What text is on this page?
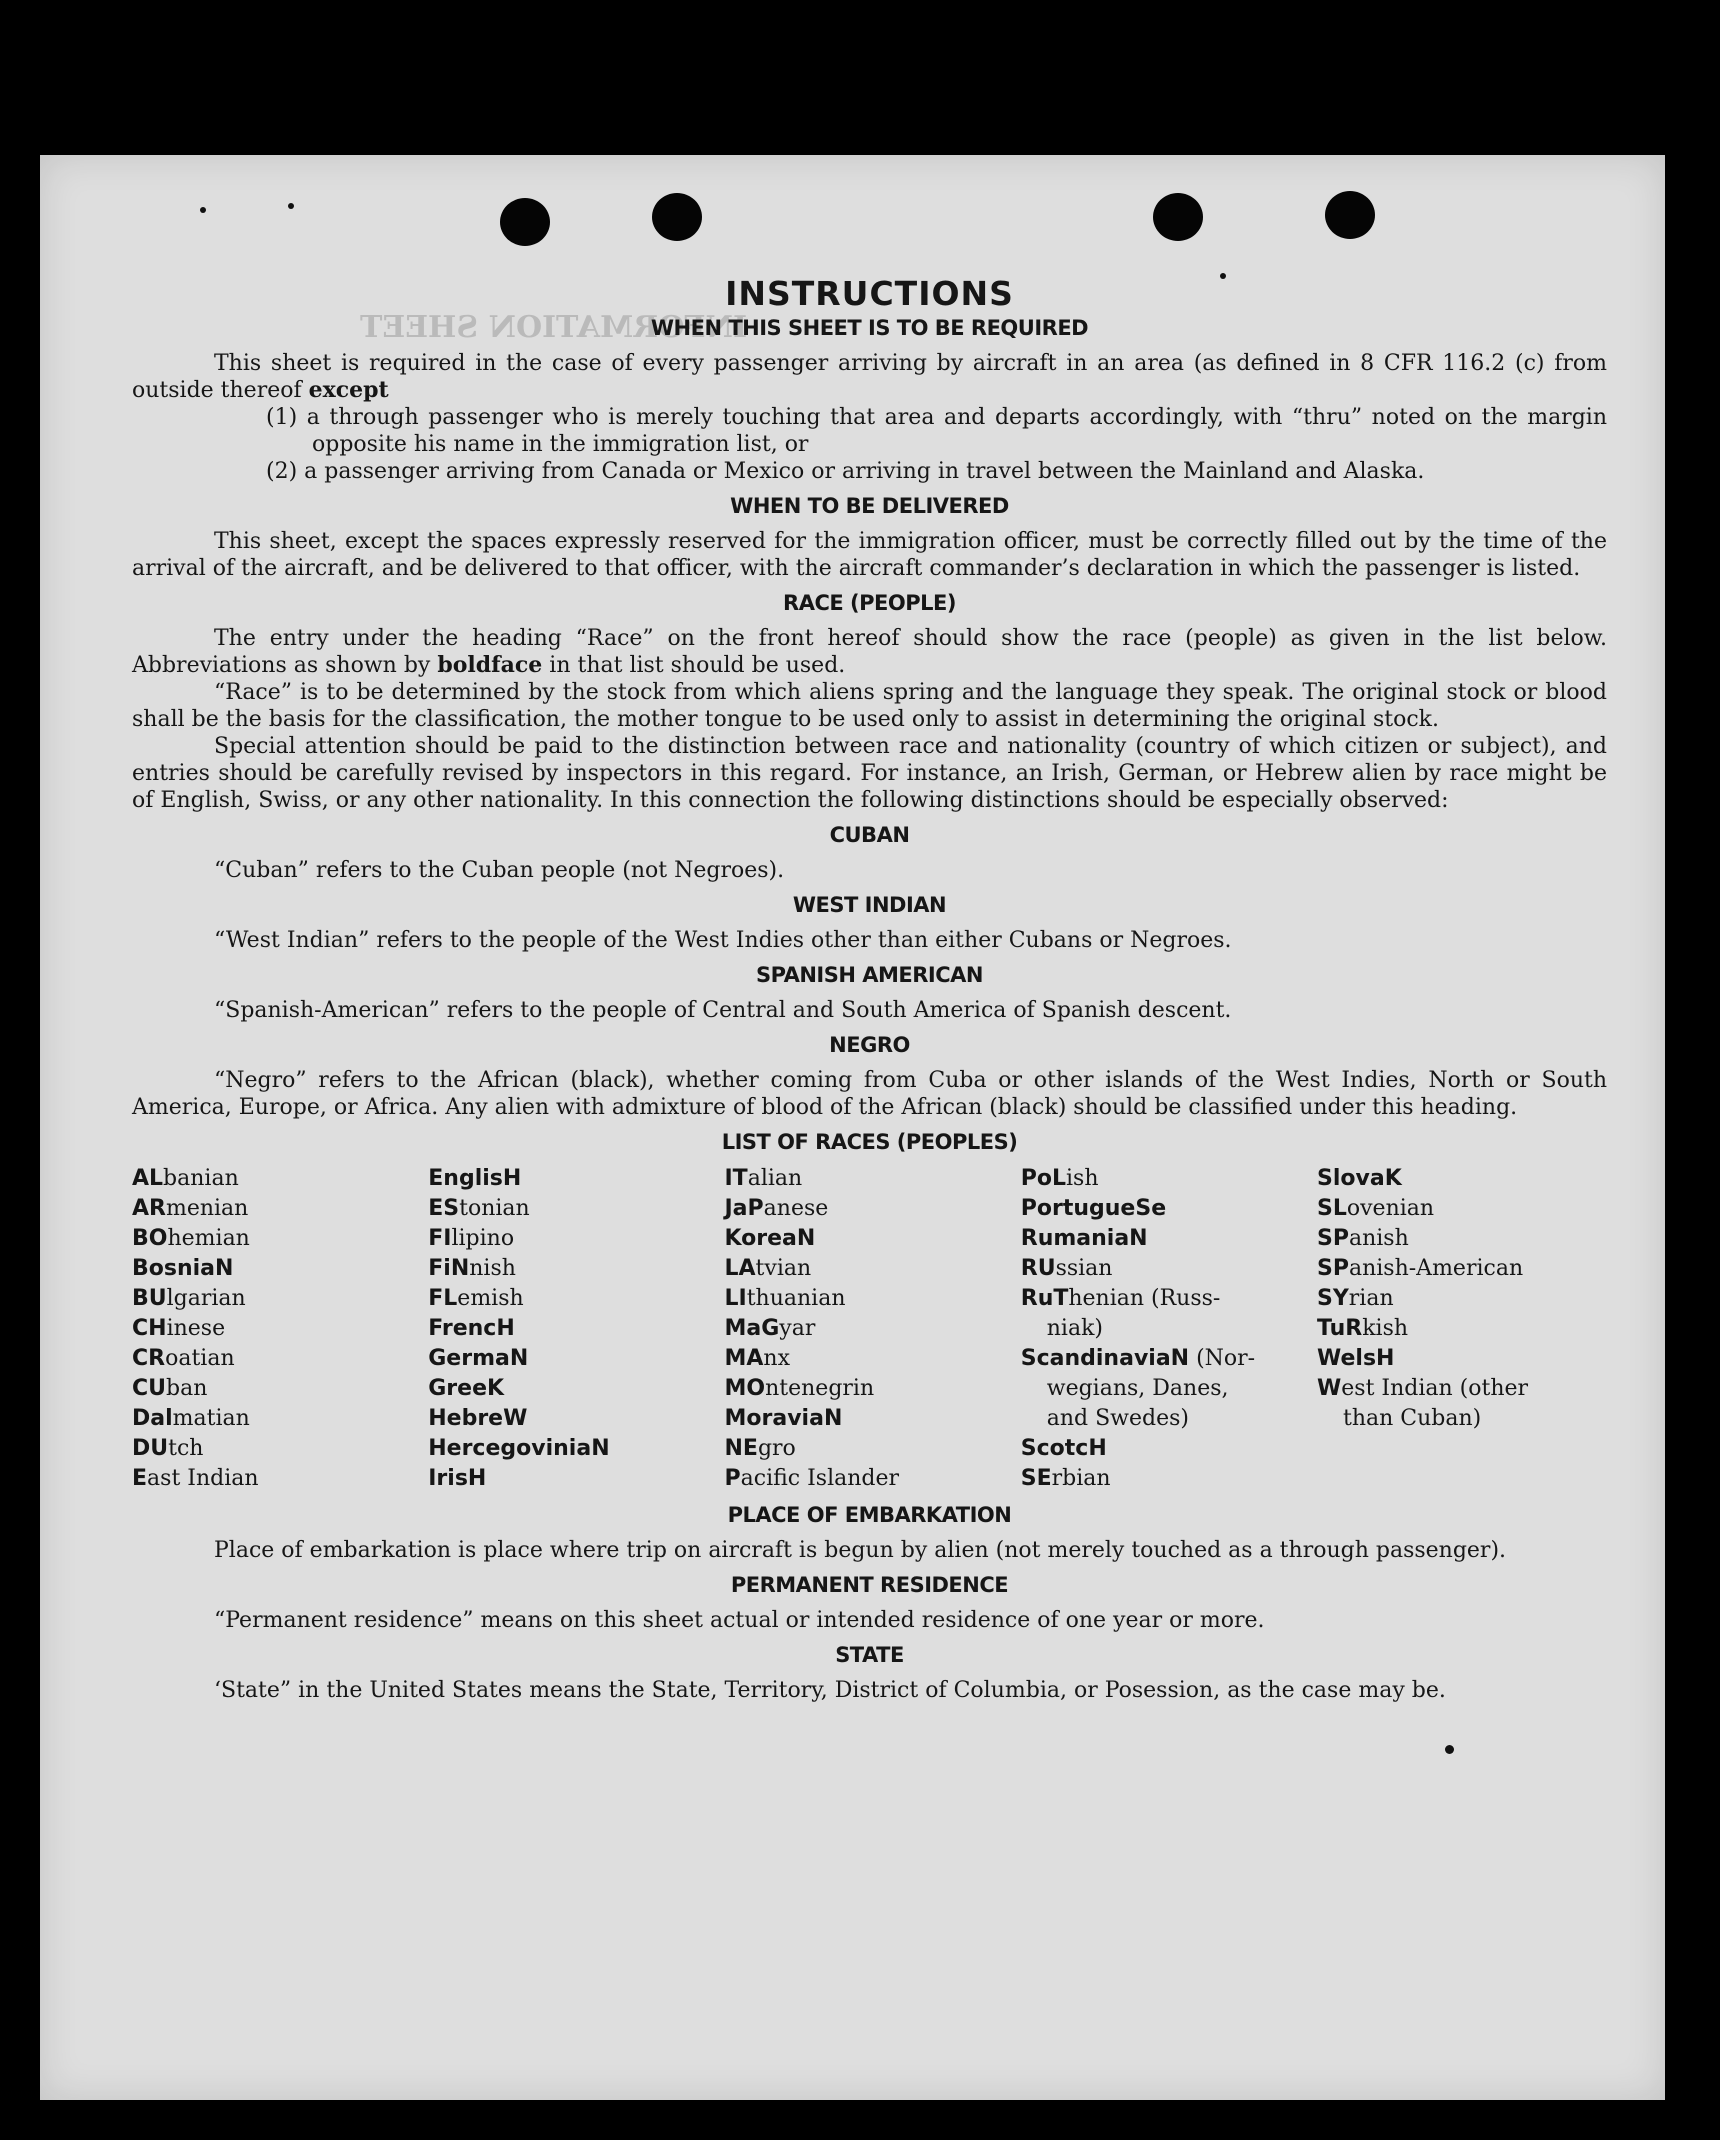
INFORMATION SHEET
INSTRUCTIONS
WHEN THIS SHEET IS TO BE REQUIRED

This sheet is required in the case of every passenger arriving by aircraft in an area (as defined in 8 CFR 116.2 (c) from outside thereof except

(1) a through passenger who is merely touching that area and departs accordingly, with “thru” noted on the margin opposite his name in the immigration list, or

(2) a passenger arriving from Canada or Mexico or arriving in travel between the Mainland and Alaska.

WHEN TO BE DELIVERED

This sheet, except the spaces expressly reserved for the immigration officer, must be correctly filled out by the time of the arrival of the aircraft, and be delivered to that officer, with the aircraft commander’s declaration in which the passenger is listed.

RACE (PEOPLE)

The entry under the heading “Race” on the front hereof should show the race (people) as given in the list below. Abbreviations as shown by boldface in that list should be used.

“Race” is to be determined by the stock from which aliens spring and the language they speak. The original stock or blood shall be the basis for the classification, the mother tongue to be used only to assist in determining the original stock.

Special attention should be paid to the distinction between race and nationality (country of which citizen or subject), and entries should be carefully revised by inspectors in this regard. For instance, an Irish, German, or Hebrew alien by race might be of English, Swiss, or any other nationality. In this connection the following distinctions should be especially observed:

CUBAN

“Cuban” refers to the Cuban people (not Negroes).

WEST INDIAN

“West Indian” refers to the people of the West Indies other than either Cubans or Negroes.

SPANISH AMERICAN

“Spanish-American” refers to the people of Central and South America of Spanish descent.

NEGRO

“Negro” refers to the African (black), whether coming from Cuba or other islands of the West Indies, North or South America, Europe, or Africa. Any alien with admixture of blood of the African (black) should be classified under this heading.

LIST OF RACES (PEOPLES)
ALbanian
ARmenian
BOhemian
BosniaN
BUlgarian
CHinese
CRoatian
CUban
Dalmatian
DUtch
East Indian
EnglisH
EStonian
FIlipino
FiNnish
FLemish
FrencH
GermaN
GreeK
HebreW
HercegoviniaN
IrisH
ITalian
JaPanese
KoreaN
LAtvian
LIthuanian
MaGyar
MAnx
MOntenegrin
MoraviaN
NEgro
Pacific Islander
PoLish
PortugueSe
RumaniaN
RUssian
RuThenian (Russ-
niak)
ScandinaviaN (Nor-
wegians, Danes,
and Swedes)
ScotcH
SErbian
SlovaK
SLovenian
SPanish
SPanish-American
SYrian
TuRkish
WelsH
West Indian (other
than Cuban)
PLACE OF EMBARKATION

Place of embarkation is place where trip on aircraft is begun by alien (not merely touched as a through passenger).

PERMANENT RESIDENCE

“Permanent residence” means on this sheet actual or intended residence of one year or more.

STATE

‘State” in the United States means the State, Territory, District of Columbia, or Posession, as the case may be.
